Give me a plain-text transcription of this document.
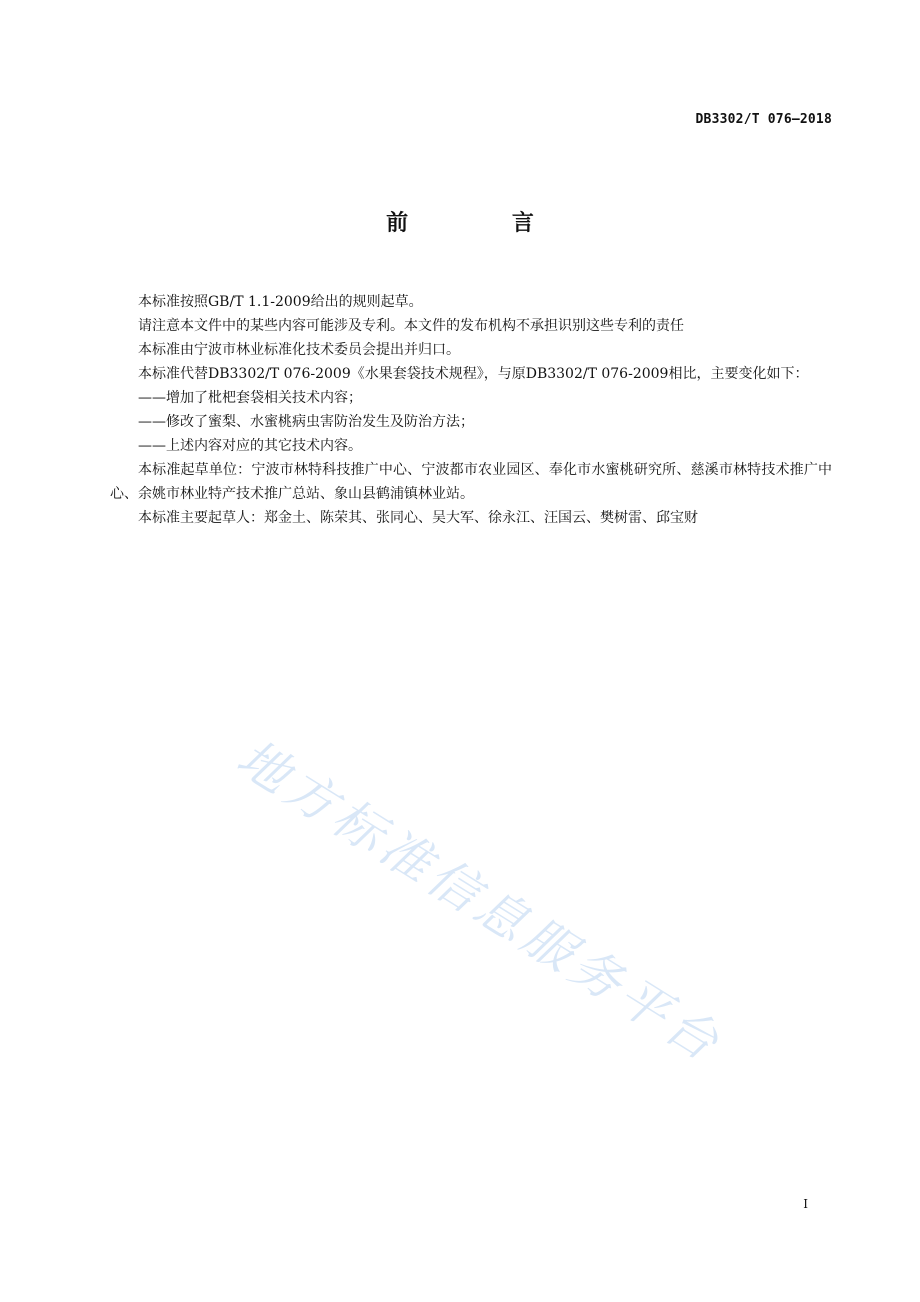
DB3302/T 076—2018
前 言

本标准按照GB/T 1.1-2009给出的规则起草。

请注意本文件中的某些内容可能涉及专利。本文件的发布机构不承担识别这些专利的责任

本标准由宁波市林业标准化技术委员会提出并归口。

本标准代替DB3302/T 076-2009《水果套袋技术规程》，与原DB3302/T 076-2009相比，主要变化如下：

——增加了枇杷套袋相关技术内容；

——修改了蜜梨、水蜜桃病虫害防治发生及防治方法；

——上述内容对应的其它技术内容。

本标准起草单位：宁波市林特科技推广中心、宁波都市农业园区、奉化市水蜜桃研究所、慈溪市林特技术推广中心、余姚市林业特产技术推广总站、象山县鹤浦镇林业站。

本标准主要起草人：郑金土、陈荣其、张同心、吴大军、徐永江、汪国云、樊树雷、邱宝财

地方标准信息服务平台
I
